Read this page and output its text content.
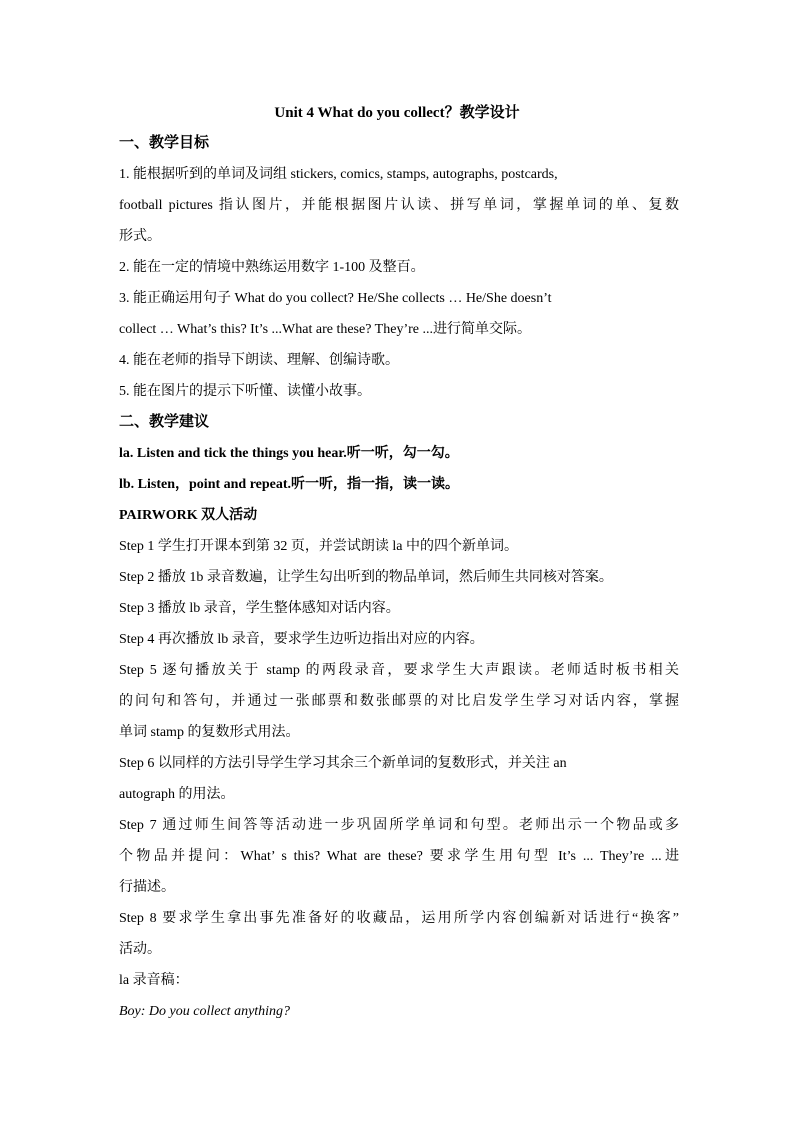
Unit 4 What do you collect？教学设计
一、教学目标
1. 能根据听到的单词及词组 stickers, comics, stamps, autographs, postcards,
football pictures 指认图片，并能根据图片认读、拼写单词，掌握单词的单、复数
形式。
2. 能在一定的情境中熟练运用数字 1-100 及整百。
3. 能正确运用句子 What do you collect? He/She collects … He/She doesn’t
collect … What’s this? It’s ...What are these? They’re ...进行简单交际。
4. 能在老师的指导下朗读、理解、创编诗歌。
5. 能在图片的提示下听懂、读懂小故事。
二、教学建议
la. Listen and tick the things you hear.听一听，勾一勾。
lb. Listen，point and repeat.听一听，指一指，读一读。
PAIRWORK 双人活动
Step 1 学生打开课本到第 32 页，并尝试朗读 la 中的四个新单词。
Step 2 播放 1b 录音数遍，让学生勾出听到的物品单词，然后师生共同核对答案。
Step 3 播放 lb 录音，学生整体感知对话内容。
Step 4 再次播放 lb 录音，要求学生边听边指出对应的内容。
Step 5 逐句播放关于 stamp 的两段录音，要求学生大声跟读。老师适时板书相关
的问句和答句，并通过一张邮票和数张邮票的对比启发学生学习对话内容，掌握
单词 stamp 的复数形式用法。
Step 6 以同样的方法引导学生学习其余三个新单词的复数形式，并关注 an
autograph 的用法。
Step 7 通过师生间答等活动进一步巩固所学单词和句型。老师出示一个物品或多
个物品并提问：What’ s this? What are these? 要求学生用句型 It’s ... They’re ...进
行描述。
Step 8 要求学生拿出事先准备好的收藏品，运用所学内容创编新对话进行“换客”
活动。
la 录音稿：
Boy: Do you collect anything?
